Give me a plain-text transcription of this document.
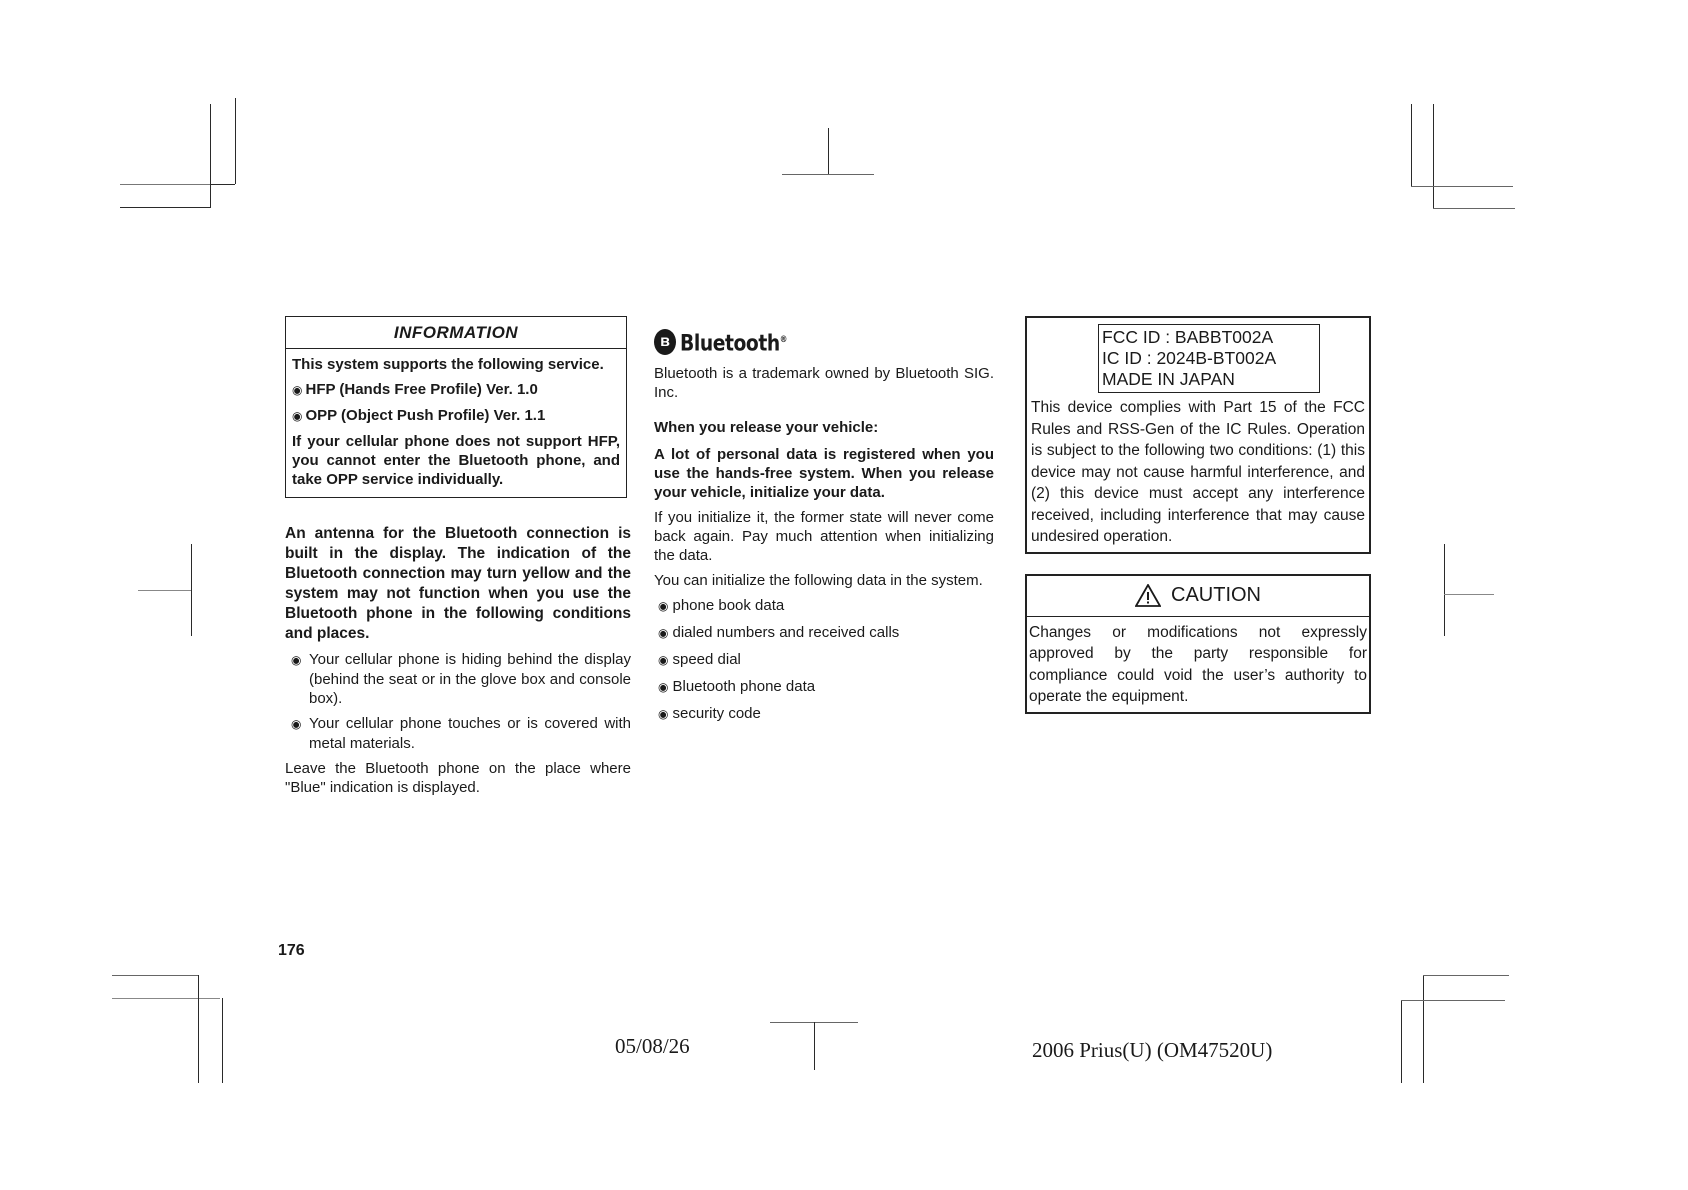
INFORMATION

This system supports the following service.

◉ HFP (Hands Free Profile) Ver. 1.0

◉ OPP (Object Push Profile) Ver. 1.1

If your cellular phone does not support HFP, you cannot enter the Bluetooth phone, and take OPP service individually.

An antenna for the Bluetooth connection is built in the display. The indication of the Bluetooth connection may turn yellow and the system may not function when you use the Bluetooth phone in the following conditions and places.

◉ Your cellular phone is hiding behind the display (behind the seat or in the glove box and console box).

◉ Your cellular phone touches or is covered with metal materials.

Leave the Bluetooth phone on the place where "Blue" indication is displayed.

ʙ Bluetooth®

Bluetooth is a trademark owned by Bluetooth SIG. Inc.

When you release your vehicle:

A lot of personal data is registered when you use the hands-free system. When you release your vehicle, initialize your data.

If you initialize it, the former state will never come back again. Pay much attention when initializing the data.

You can initialize the following data in the system.

◉ phone book data
◉ dialed numbers and received calls
◉ speed dial
◉ Bluetooth phone data
◉ security code
FCC ID : BABBT002A
IC ID : 2024B-BT002A
MADE IN JAPAN

This device complies with Part 15 of the FCC Rules and RSS-Gen of the IC Rules. Operation is subject to the following two conditions: (1) this device may not cause harmful interference, and (2) this device must accept any interference received, including interference that may cause undesired operation.

CAUTION

Changes or modifications not expressly approved by the party responsible for compliance could void the user’s authority to operate the equipment.

176
05/08/26	2006 Prius(U) (OM47520U)
